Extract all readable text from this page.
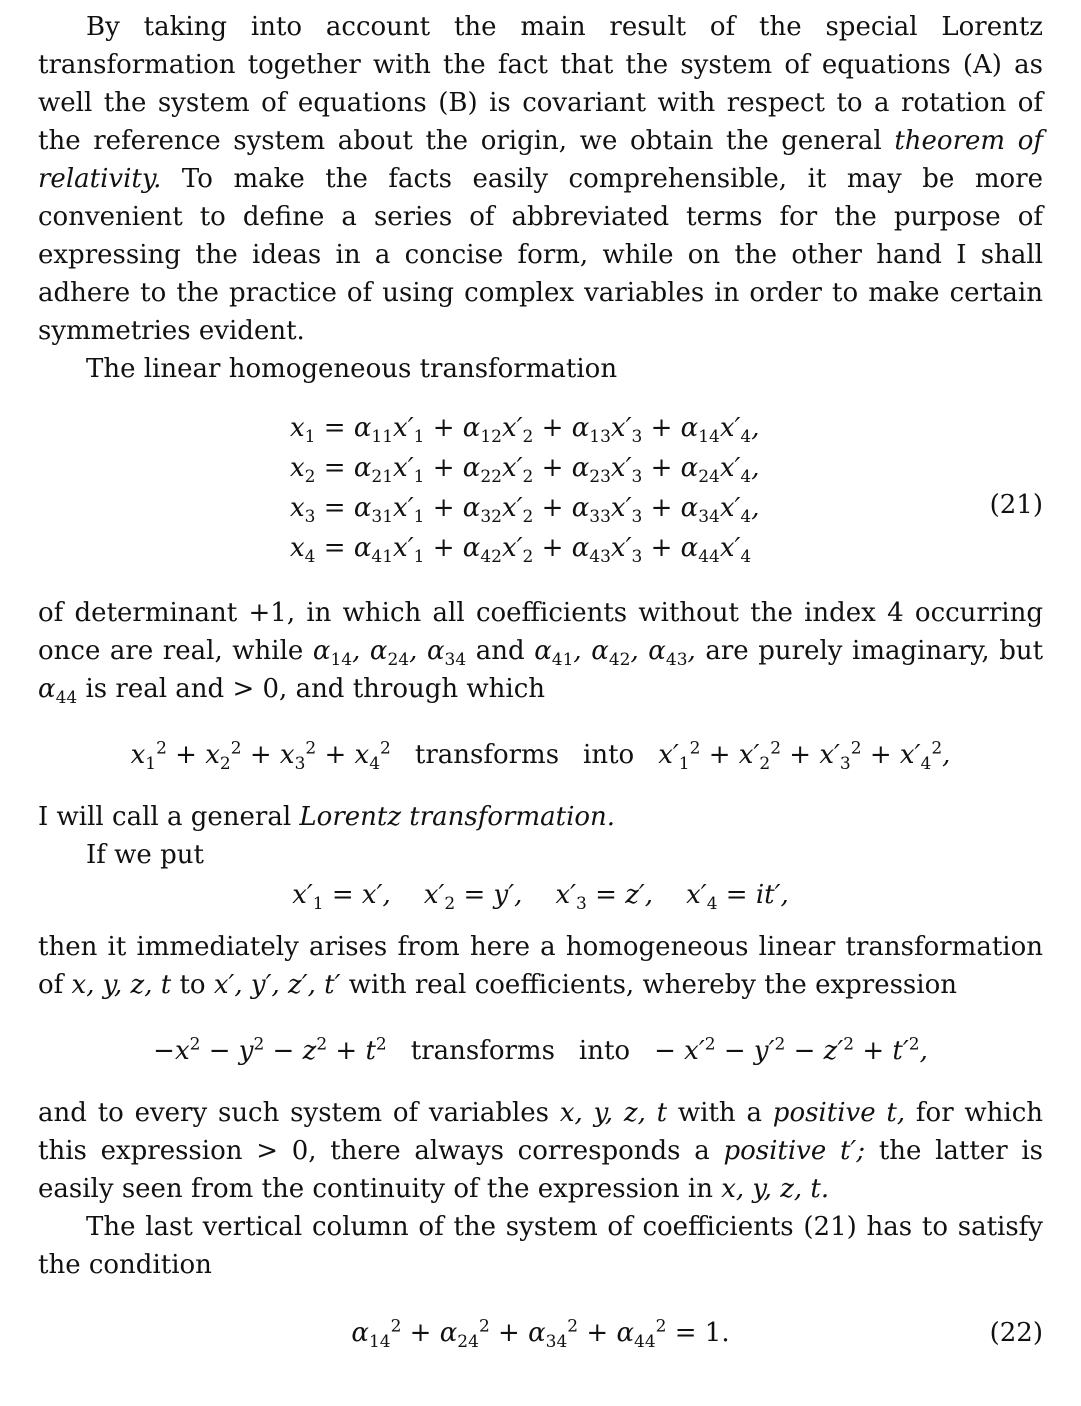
By taking into account the main result of the special Lorentz transformation together with the fact that the system of equations (A) as well the system of equations (B) is covariant with respect to a rotation of the reference system about the origin, we obtain the general theorem of relativity. To make the facts easily comprehensible, it may be more convenient to define a series of abbreviated terms for the purpose of expressing the ideas in a concise form, while on the other hand I shall adhere to the practice of using complex variables in order to make certain symmetries evident.

The linear homogeneous transformation

(21)
$x_1 = \alpha_{11}x'_1 + \alpha_{12}x'_2 + \alpha_{13}x'_3 + \alpha_{14}x'_4$,
$x_2 = \alpha_{21}x'_1 + \alpha_{22}x'_2 + \alpha_{23}x'_3 + \alpha_{24}x'_4$,
$x_3 = \alpha_{31}x'_1 + \alpha_{32}x'_2 + \alpha_{33}x'_3 + \alpha_{34}x'_4$,
$x_4 = \alpha_{41}x'_1 + \alpha_{42}x'_2 + \alpha_{43}x'_3 + \alpha_{44}x'_4$

of determinant +1, in which all coefficients without the index 4 occurring once are real, while $\alpha_{14}$, $\alpha_{24}$, $\alpha_{34}$ and $\alpha_{41}$, $\alpha_{42}$, $\alpha_{43}$, are purely imaginary, but $\alpha_{44}$ is real and > 0, and through which

$x_1^2 + x_2^2 + x_3^2 + x_4^2$ transforms into $x'_1^2 + x'_2^2 + x'_3^2 + x'_4^2$,

I will call a general Lorentz transformation.

If we put

$x'_1 = x'$,    $x'_2 = y'$,    $x'_3 = z'$,    $x'_4 = it'$,

then it immediately arises from here a homogeneous linear transformation of x, y, z, t to x′, y′, z′, t′ with real coefficients, whereby the expression

$-x^2 - y^2 - z^2 + t^2$ transforms into − $x'^2 - y'^2 - z'^2 + t'^2$,

and to every such system of variables x, y, z, t with a positive t, for which this expression > 0, there always corresponds a positive t′; the latter is easily seen from the continuity of the expression in x, y, z, t.

The last vertical column of the system of coefficients (21) has to satisfy the condition

(22)
$\alpha_{14}^2 + \alpha_{24}^2 + \alpha_{34}^2 + \alpha_{44}^2 = 1$.
